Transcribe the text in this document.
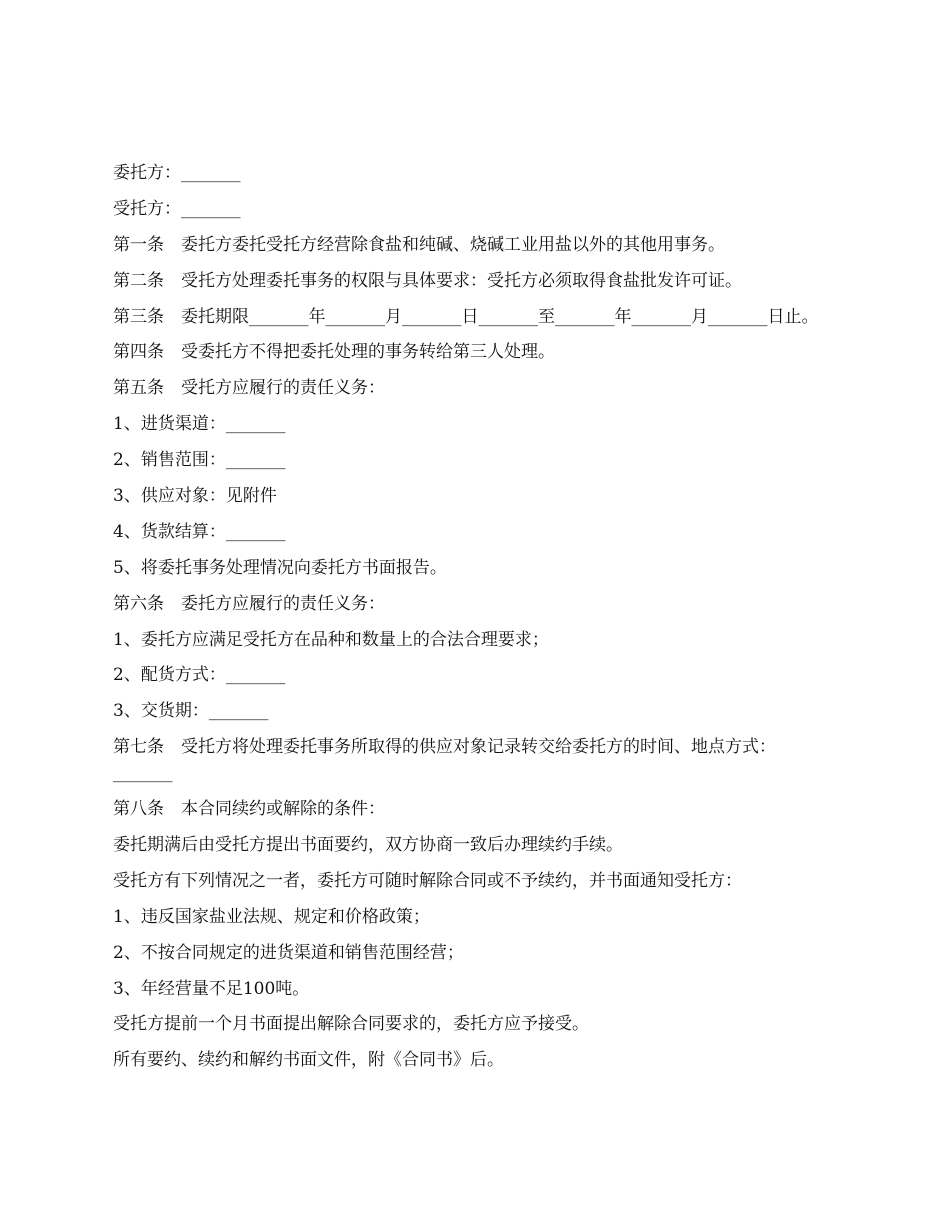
委托方：_______

受托方：_______

第一条　委托方委托受托方经营除食盐和纯碱、烧碱工业用盐以外的其他用事务。

第二条　受托方处理委托事务的权限与具体要求：受托方必须取得食盐批发许可证。

第三条　委托期限_______年_______月_______日_______至_______年_______月_______日止。

第四条　受委托方不得把委托处理的事务转给第三人处理。

第五条　受托方应履行的责任义务：

1、进货渠道：_______

2、销售范围：_______

3、供应对象：见附件

4、货款结算：_______

5、将委托事务处理情况向委托方书面报告。

第六条　委托方应履行的责任义务：

1、委托方应满足受托方在品种和数量上的合法合理要求；

2、配货方式：_______

3、交货期：_______

第七条　受托方将处理委托事务所取得的供应对象记录转交给委托方的时间、地点方式：_______

第八条　本合同续约或解除的条件：

委托期满后由受托方提出书面要约，双方协商一致后办理续约手续。

受托方有下列情况之一者，委托方可随时解除合同或不予续约，并书面通知受托方：

1、违反国家盐业法规、规定和价格政策；

2、不按合同规定的进货渠道和销售范围经营；

3、年经营量不足100吨。

受托方提前一个月书面提出解除合同要求的，委托方应予接受。

所有要约、续约和解约书面文件，附《合同书》后。
